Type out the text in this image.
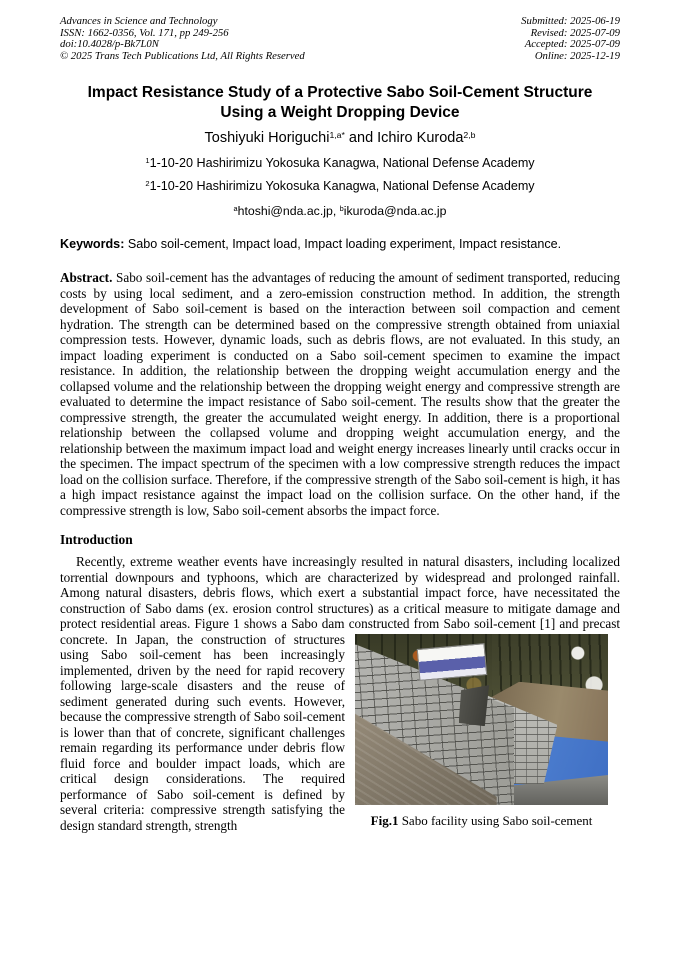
Advances in Science and Technology
ISSN: 1662-0356, Vol. 171, pp 249-256
doi:10.4028/p-Bk7L0N
© 2025 Trans Tech Publications Ltd, All Rights Reserved
Submitted: 2025-06-19
Revised: 2025-07-09
Accepted: 2025-07-09
Online: 2025-12-19
Impact Resistance Study of a Protective Sabo Soil-Cement Structure
Using a Weight Dropping Device
Toshiyuki Horiguchi$^{1,a*}$ and Ichiro Kuroda$^{2,b}$
$^1$1-10-20 Hashirimizu Yokosuka Kanagwa, National Defense Academy
$^2$1-10-20 Hashirimizu Yokosuka Kanagwa, National Defense Academy
$^a$htoshi@nda.ac.jp, $^b$ikuroda@nda.ac.jp

Keywords: Sabo soil-cement, Impact load, Impact loading experiment, Impact resistance.

Abstract. Sabo soil-cement has the advantages of reducing the amount of sediment transported, reducing costs by using local sediment, and a zero-emission construction method. In addition, the strength development of Sabo soil-cement is based on the interaction between soil compaction and cement hydration. The strength can be determined based on the compressive strength obtained from uniaxial compression tests. However, dynamic loads, such as debris flows, are not evaluated. In this study, an impact loading experiment is conducted on a Sabo soil-cement specimen to examine the impact resistance. In addition, the relationship between the dropping weight accumulation energy and the collapsed volume and the relationship between the dropping weight energy and compressive strength are evaluated to determine the impact resistance of Sabo soil-cement. The results show that the greater the compressive strength, the greater the accumulated weight energy. In addition, there is a proportional relationship between the collapsed volume and dropping weight accumulation energy, and the relationship between the maximum impact load and weight energy increases linearly until cracks occur in the specimen. The impact spectrum of the specimen with a low compressive strength reduces the impact load on the collision surface. Therefore, if the compressive strength of the Sabo soil-cement is high, it has a high impact resistance against the impact load on the collision surface. On the other hand, if the compressive strength is low, Sabo soil-cement absorbs the impact force.

Introduction

Recently, extreme weather events have increasingly resulted in natural disasters, including localized torrential downpours and typhoons, which are characterized by widespread and prolonged rainfall. Among natural disasters, debris flows, which exert a substantial impact force, have necessitated the construction of Sabo dams (ex. erosion control structures) as a critical measure to mitigate damage and protect residential areas. Figure 1 shows a Sabo dam constructed from Sabo
Fig.1 Sabo facility using Sabo soil-cement
soil-cement [1] and precast concrete. In Japan, the construction of structures using Sabo soil-cement has been increasingly implemented, driven by the need for rapid recovery following large-scale disasters and the reuse of sediment generated during such events. However, because the compressive strength of Sabo soil-cement is lower than that of concrete, significant challenges remain regarding its performance under debris flow fluid force and boulder impact loads, which are critical design considerations. The required performance of Sabo soil-cement is defined by several criteria: compressive strength satisfying the design standard strength, strength
